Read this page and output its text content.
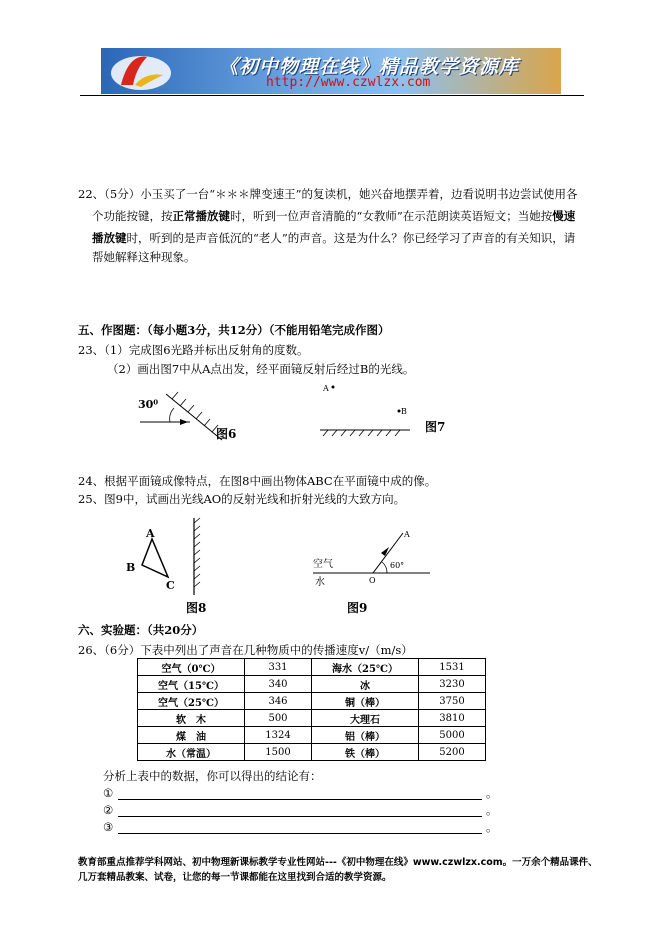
《初中物理在线》精品教学资源库
http://www.czwlzx.com
22、（5分）小玉买了一台“＊＊＊牌变速王”的复读机，她兴奋地摆弄着，边看说明书边尝试使用各
个功能按键，按正常播放键时，听到一位声音清脆的“女教师”在示范朗读英语短文；当她按慢速
播放键时，听到的是声音低沉的“老人”的声音。这是为什么？你已经学习了声音的有关知识，请
帮她解释这种现象。
五、作图题：（每小题3分，共12分）（不能用铅笔完成作图）
23、（1）完成图6光路并标出反射角的度数。
（2）画出图7中从A点出发，经平面镜反射后经过B的光线。
30⁰
图6
A
B
图7
24、根据平面镜成像特点，在图8中画出物体ABC在平面镜中成的像。
25、图9中，试画出光线AO的反射光线和折射光线的大致方向。
A
B
C
图8
空气
水
A
O
60°
图9
六、实验题：（共20分）
26、（6分）下表中列出了声音在几种物质中的传播速度v/（m/s）
空气（0℃）	331	海水（25℃）	1531
空气（15℃）	340	冰	3230
空气（25℃）	346	铜（棒）	3750
软　木	500	大理石	3810
煤　油	1324	铝（棒）	5000
水（常温）	1500	铁（棒）	5200
分析上表中的数据，你可以得出的结论有：
①	。
②	。
③	。
教育部重点推荐学科网站、初中物理新课标教学专业性网站---《初中物理在线》www.czwlzx.com。一万余个精品课件、几万套精品教案、试卷，让您的每一节课都能在这里找到合适的教学资源。
